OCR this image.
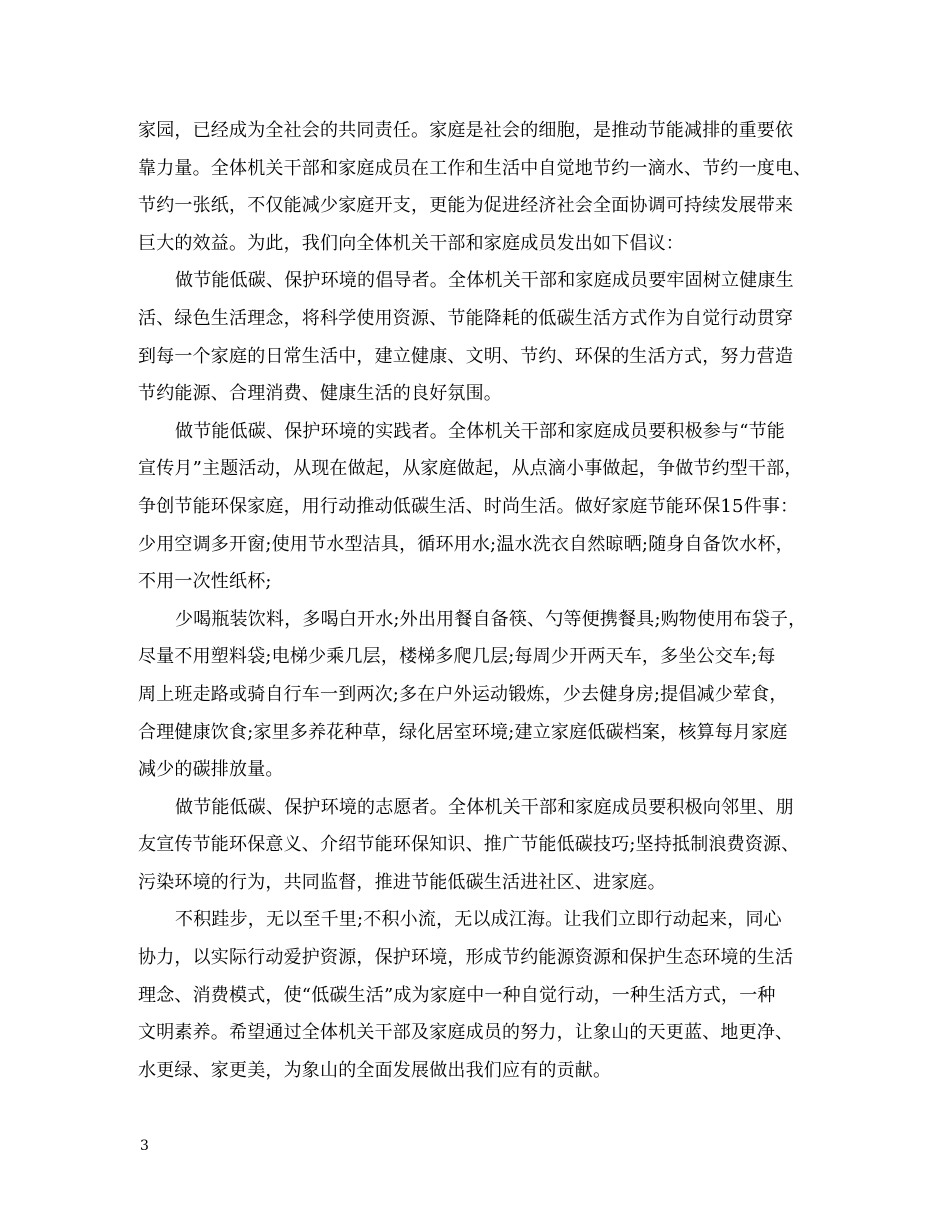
家园，已经成为全社会的共同责任。家庭是社会的细胞，是推动节能减排的重要依
靠力量。全体机关干部和家庭成员在工作和生活中自觉地节约一滴水、节约一度电、
节约一张纸，不仅能减少家庭开支，更能为促进经济社会全面协调可持续发展带来
巨大的效益。为此，我们向全体机关干部和家庭成员发出如下倡议：
做节能低碳、保护环境的倡导者。全体机关干部和家庭成员要牢固树立健康生
活、绿色生活理念，将科学使用资源、节能降耗的低碳生活方式作为自觉行动贯穿
到每一个家庭的日常生活中，建立健康、文明、节约、环保的生活方式，努力营造
节约能源、合理消费、健康生活的良好氛围。
做节能低碳、保护环境的实践者。全体机关干部和家庭成员要积极参与“节能
宣传月”主题活动，从现在做起，从家庭做起，从点滴小事做起，争做节约型干部，
争创节能环保家庭，用行动推动低碳生活、时尚生活。做好家庭节能环保15件事：
少用空调多开窗;使用节水型洁具，循环用水;温水洗衣自然晾晒;随身自备饮水杯，
不用一次性纸杯;
少喝瓶装饮料，多喝白开水;外出用餐自备筷、勺等便携餐具;购物使用布袋子，
尽量不用塑料袋;电梯少乘几层，楼梯多爬几层;每周少开两天车，多坐公交车;每
周上班走路或骑自行车一到两次;多在户外运动锻炼，少去健身房;提倡减少荤食，
合理健康饮食;家里多养花种草，绿化居室环境;建立家庭低碳档案，核算每月家庭
减少的碳排放量。
做节能低碳、保护环境的志愿者。全体机关干部和家庭成员要积极向邻里、朋
友宣传节能环保意义、介绍节能环保知识、推广节能低碳技巧;坚持抵制浪费资源、
污染环境的行为，共同监督，推进节能低碳生活进社区、进家庭。
不积跬步，无以至千里;不积小流，无以成江海。让我们立即行动起来，同心
协力，以实际行动爱护资源，保护环境，形成节约能源资源和保护生态环境的生活
理念、消费模式，使“低碳生活”成为家庭中一种自觉行动，一种生活方式，一种
文明素养。希望通过全体机关干部及家庭成员的努力，让象山的天更蓝、地更净、
水更绿、家更美，为象山的全面发展做出我们应有的贡献。
3
